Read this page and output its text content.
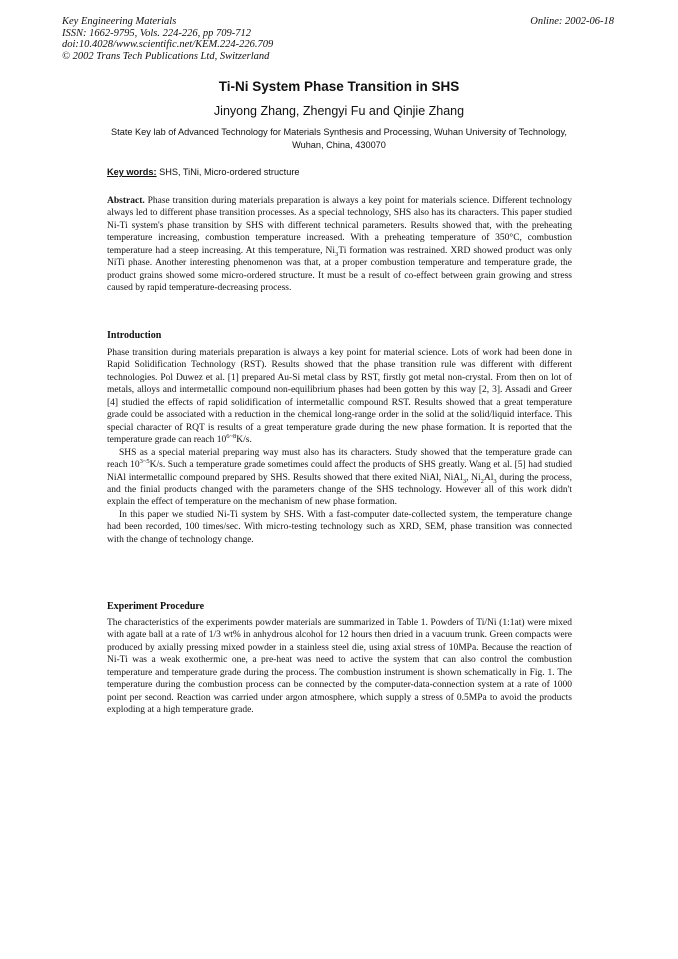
Key Engineering Materials
ISSN: 1662-9795, Vols. 224-226, pp 709-712
doi:10.4028/www.scientific.net/KEM.224-226.709
© 2002 Trans Tech Publications Ltd, Switzerland
Online: 2002-06-18
Ti-Ni System Phase Transition in SHS
Jinyong Zhang, Zhengyi Fu and Qinjie Zhang
State Key lab of Advanced Technology for Materials Synthesis and Processing, Wuhan University of Technology, Wuhan, China, 430070
Key words: SHS, TiNi, Micro-ordered structure

Abstract. Phase transition during materials preparation is always a key point for materials science. Different technology always led to different phase transition processes. As a special technology, SHS also has its characters. This paper studied Ni-Ti system's phase transition by SHS with different technical parameters. Results showed that, with the preheating temperature increasing, combustion temperature increased. With a preheating temperature of 350°C, combustion temperature had a steep increasing. At this temperature, $Ni_3Ti$ formation was restrained. XRD showed product was only NiTi phase. Another interesting phenomenon was that, at a proper combustion temperature and temperature grade, the product grains showed some micro-ordered structure. It must be a result of co-effect between grain growing and stress caused by rapid temperature-decreasing process.

Introduction

Phase transition during materials preparation is always a key point for material science. Lots of work had been done in Rapid Solidification Technology (RST). Results showed that the phase transition rule was different with different technologies. Pol Duwez et al. [1] prepared Au-Si metal class by RST, firstly got metal non-crystal. From then on lot of metals, alloys and intermetallic compound non-equilibrium phases had been gotten by this way [2, 3]. Assadi and Greer [4] studied the effects of rapid solidification of intermetallic compound RST. Results showed that a great temperature grade could be associated with a reduction in the chemical long-range order in the solid at the solid/liquid interface. This special character of RQT is results of a great temperature grade during the new phase formation. It is reported that the temperature grade can reach $10^{6\sim 8}K/s$.

SHS as a special material preparing way must also has its characters. Study showed that the temperature grade can reach $10^{3\sim 5}K/s$. Such a temperature grade sometimes could affect the products of SHS greatly. Wang et al. [5] had studied NiAl intermetallic compound prepared by SHS. Results showed that there exited NiAl, NiAl$_3$, $Ni_2Al_3$ during the process, and the finial products changed with the parameters change of the SHS technology. However all of this work didn't explain the effect of temperature on the mechanism of new phase formation.

In this paper we studied Ni-Ti system by SHS. With a fast-computer date-collected system, the temperature change had been recorded, 100 times/sec. With micro-testing technology such as XRD, SEM, phase transition was connected with the change of technology change.

Experiment Procedure

The characteristics of the experiments powder materials are summarized in Table 1. Powders of Ti/Ni (1:1at) were mixed with agate ball at a rate of 1/3 wt% in anhydrous alcohol for 12 hours then dried in a vacuum trunk. Green compacts were produced by axially pressing mixed powder in a stainless steel die, using axial stress of 10MPa. Because the reaction of Ni-Ti was a weak exothermic one, a pre-heat was need to active the system that can also control the combustion temperature and temperature grade during the process. The combustion instrument is shown schematically in Fig. 1. The temperature during the combustion process can be connected by the computer-data-connection system at a rate of 1000 point per second. Reaction was carried under argon atmosphere, which supply a stress of 0.5MPa to avoid the products exploding at a high temperature grade.
